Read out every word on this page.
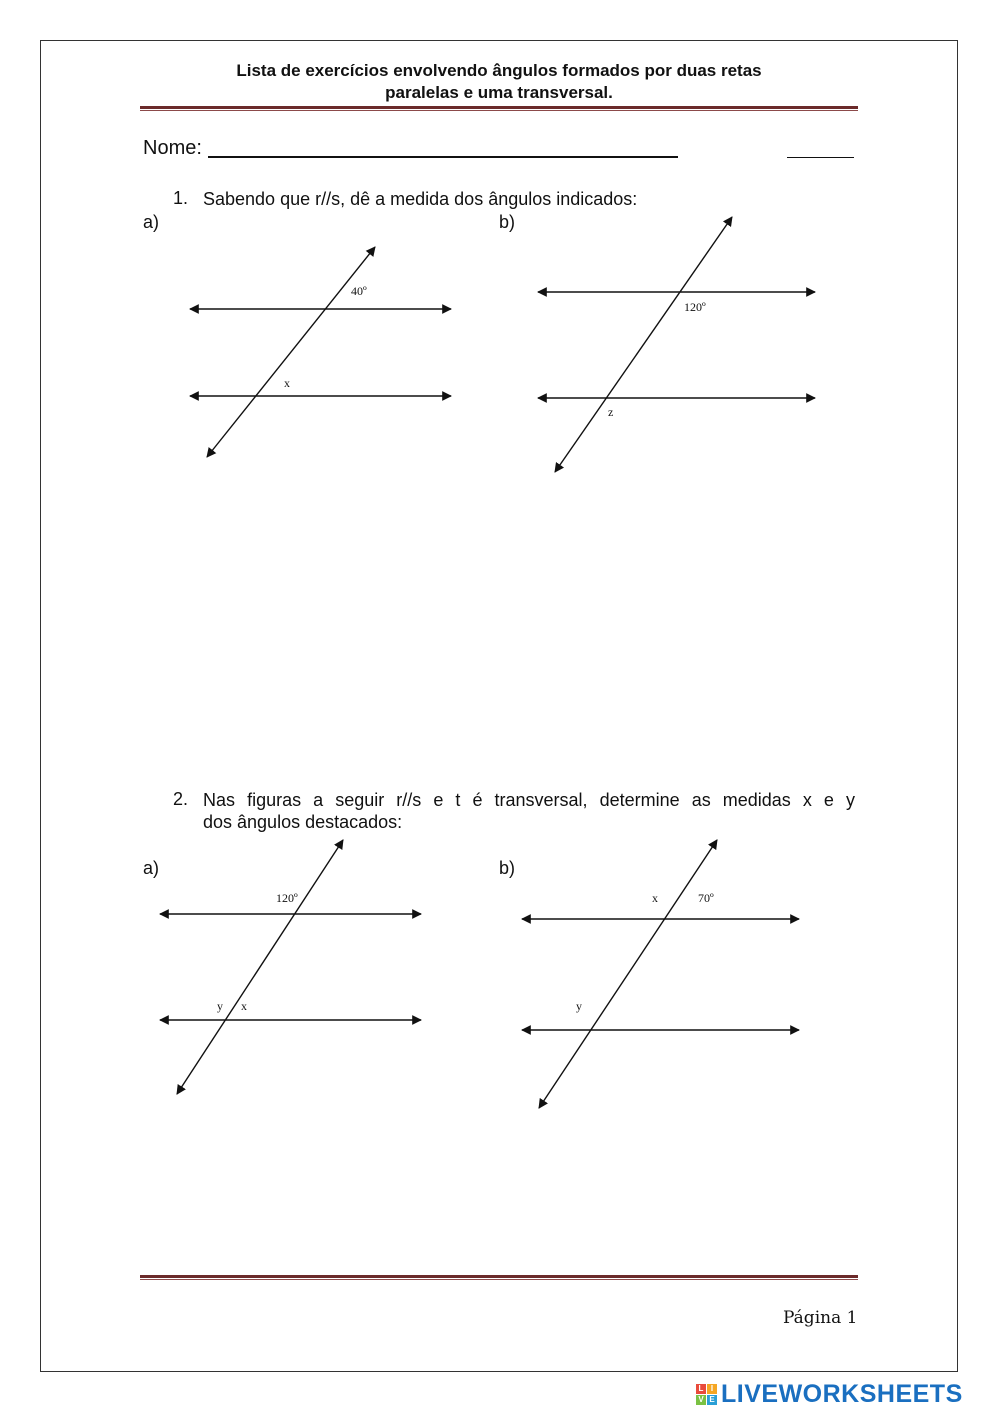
Lista de exercícios envolvendo ângulos formados por duas retas
paralelas e uma transversal.
Nome:
1. Sabendo que r//s, dê a medida dos ângulos indicados:
a)	b)
40º
x
120º
z
2. Nas figuras a seguir r//s e t é transversal, determine as medidas x e y
dos ângulos destacados:
a)	b)
120º
y x
x	70º
y
Página 1
L I
V E LIVEWORKSHEETS
